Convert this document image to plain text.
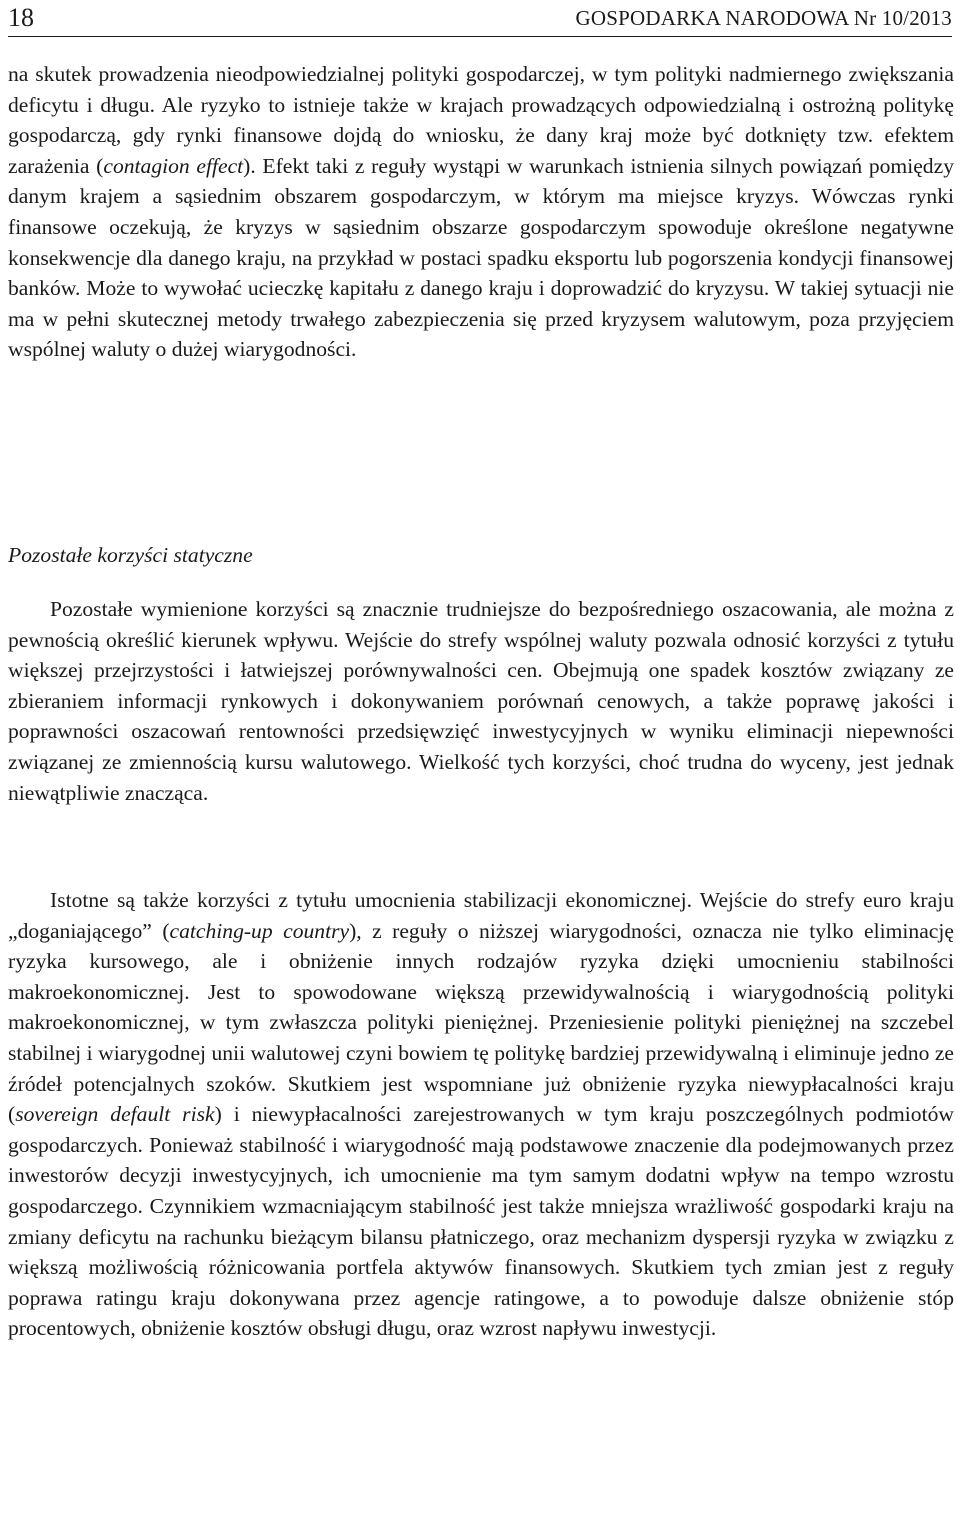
18	GOSPODARKA NARODOWA Nr 10/2013

na skutek prowadzenia nieodpowiedzialnej polityki gospodarczej, w tym polityki nadmiernego zwiększania deficytu i długu. Ale ryzyko to istnieje także w krajach prowadzących odpowiedzialną i ostrożną politykę gospodarczą, gdy rynki finansowe dojdą do wniosku, że dany kraj może być dotknięty tzw. efektem zarażenia (contagion effect). Efekt taki z reguły wystąpi w warunkach istnienia silnych powiązań pomiędzy danym krajem a sąsiednim obszarem gospodarczym, w którym ma miejsce kryzys. Wówczas rynki finansowe oczekują, że kryzys w sąsiednim obszarze gospodarczym spowoduje określone negatywne konsekwencje dla danego kraju, na przykład w postaci spadku eksportu lub pogorszenia kondycji finansowej banków. Może to wywołać ucieczkę kapitału z danego kraju i doprowadzić do kryzysu. W takiej sytuacji nie ma w pełni skutecznej metody trwałego zabezpieczenia się przed kryzysem walutowym, poza przyjęciem wspólnej waluty o dużej wiarygodności.

Pozostałe korzyści statyczne

Pozostałe wymienione korzyści są znacznie trudniejsze do bezpośredniego oszacowania, ale można z pewnością określić kierunek wpływu. Wejście do strefy wspólnej waluty pozwala odnosić korzyści z tytułu większej przejrzystości i łatwiejszej porównywalności cen. Obejmują one spadek kosztów związany ze zbieraniem informacji rynkowych i dokonywaniem porównań cenowych, a także poprawę jakości i poprawności oszacowań rentowności przedsięwzięć inwestycyjnych w wyniku eliminacji niepewności związanej ze zmiennością kursu walutowego. Wielkość tych korzyści, choć trudna do wyceny, jest jednak niewątpliwie znacząca.

Istotne są także korzyści z tytułu umocnienia stabilizacji ekonomicznej. Wejście do strefy euro kraju „doganiającego” (catching-up country), z reguły o niższej wiarygodności, oznacza nie tylko eliminację ryzyka kursowego, ale i obniżenie innych rodzajów ryzyka dzięki umocnieniu stabilności makroekonomicznej. Jest to spowodowane większą przewidywalnością i wiarygodnością polityki makroekonomicznej, w tym zwłaszcza polityki pieniężnej. Przeniesienie polityki pieniężnej na szczebel stabilnej i wiarygodnej unii walutowej czyni bowiem tę politykę bardziej przewidywalną i eliminuje jedno ze źródeł potencjalnych szoków. Skutkiem jest wspomniane już obniżenie ryzyka niewypłacalności kraju (sovereign default risk) i niewypłacalności zarejestrowanych w tym kraju poszczególnych podmiotów gospodarczych. Ponieważ stabilność i wiarygodność mają podstawowe znaczenie dla podejmowanych przez inwestorów decyzji inwestycyjnych, ich umocnienie ma tym samym dodatni wpływ na tempo wzrostu gospodarczego. Czynnikiem wzmacniającym stabilność jest także mniejsza wrażliwość gospodarki kraju na zmiany deficytu na rachunku bieżącym bilansu płatniczego, oraz mechanizm dyspersji ryzyka w związku z większą możliwością różnicowania portfela aktywów finansowych. Skutkiem tych zmian jest z reguły poprawa ratingu kraju dokonywana przez agencje ratingowe, a to powoduje dalsze obniżenie stóp procentowych, obniżenie kosztów obsługi długu, oraz wzrost napływu inwestycji.
